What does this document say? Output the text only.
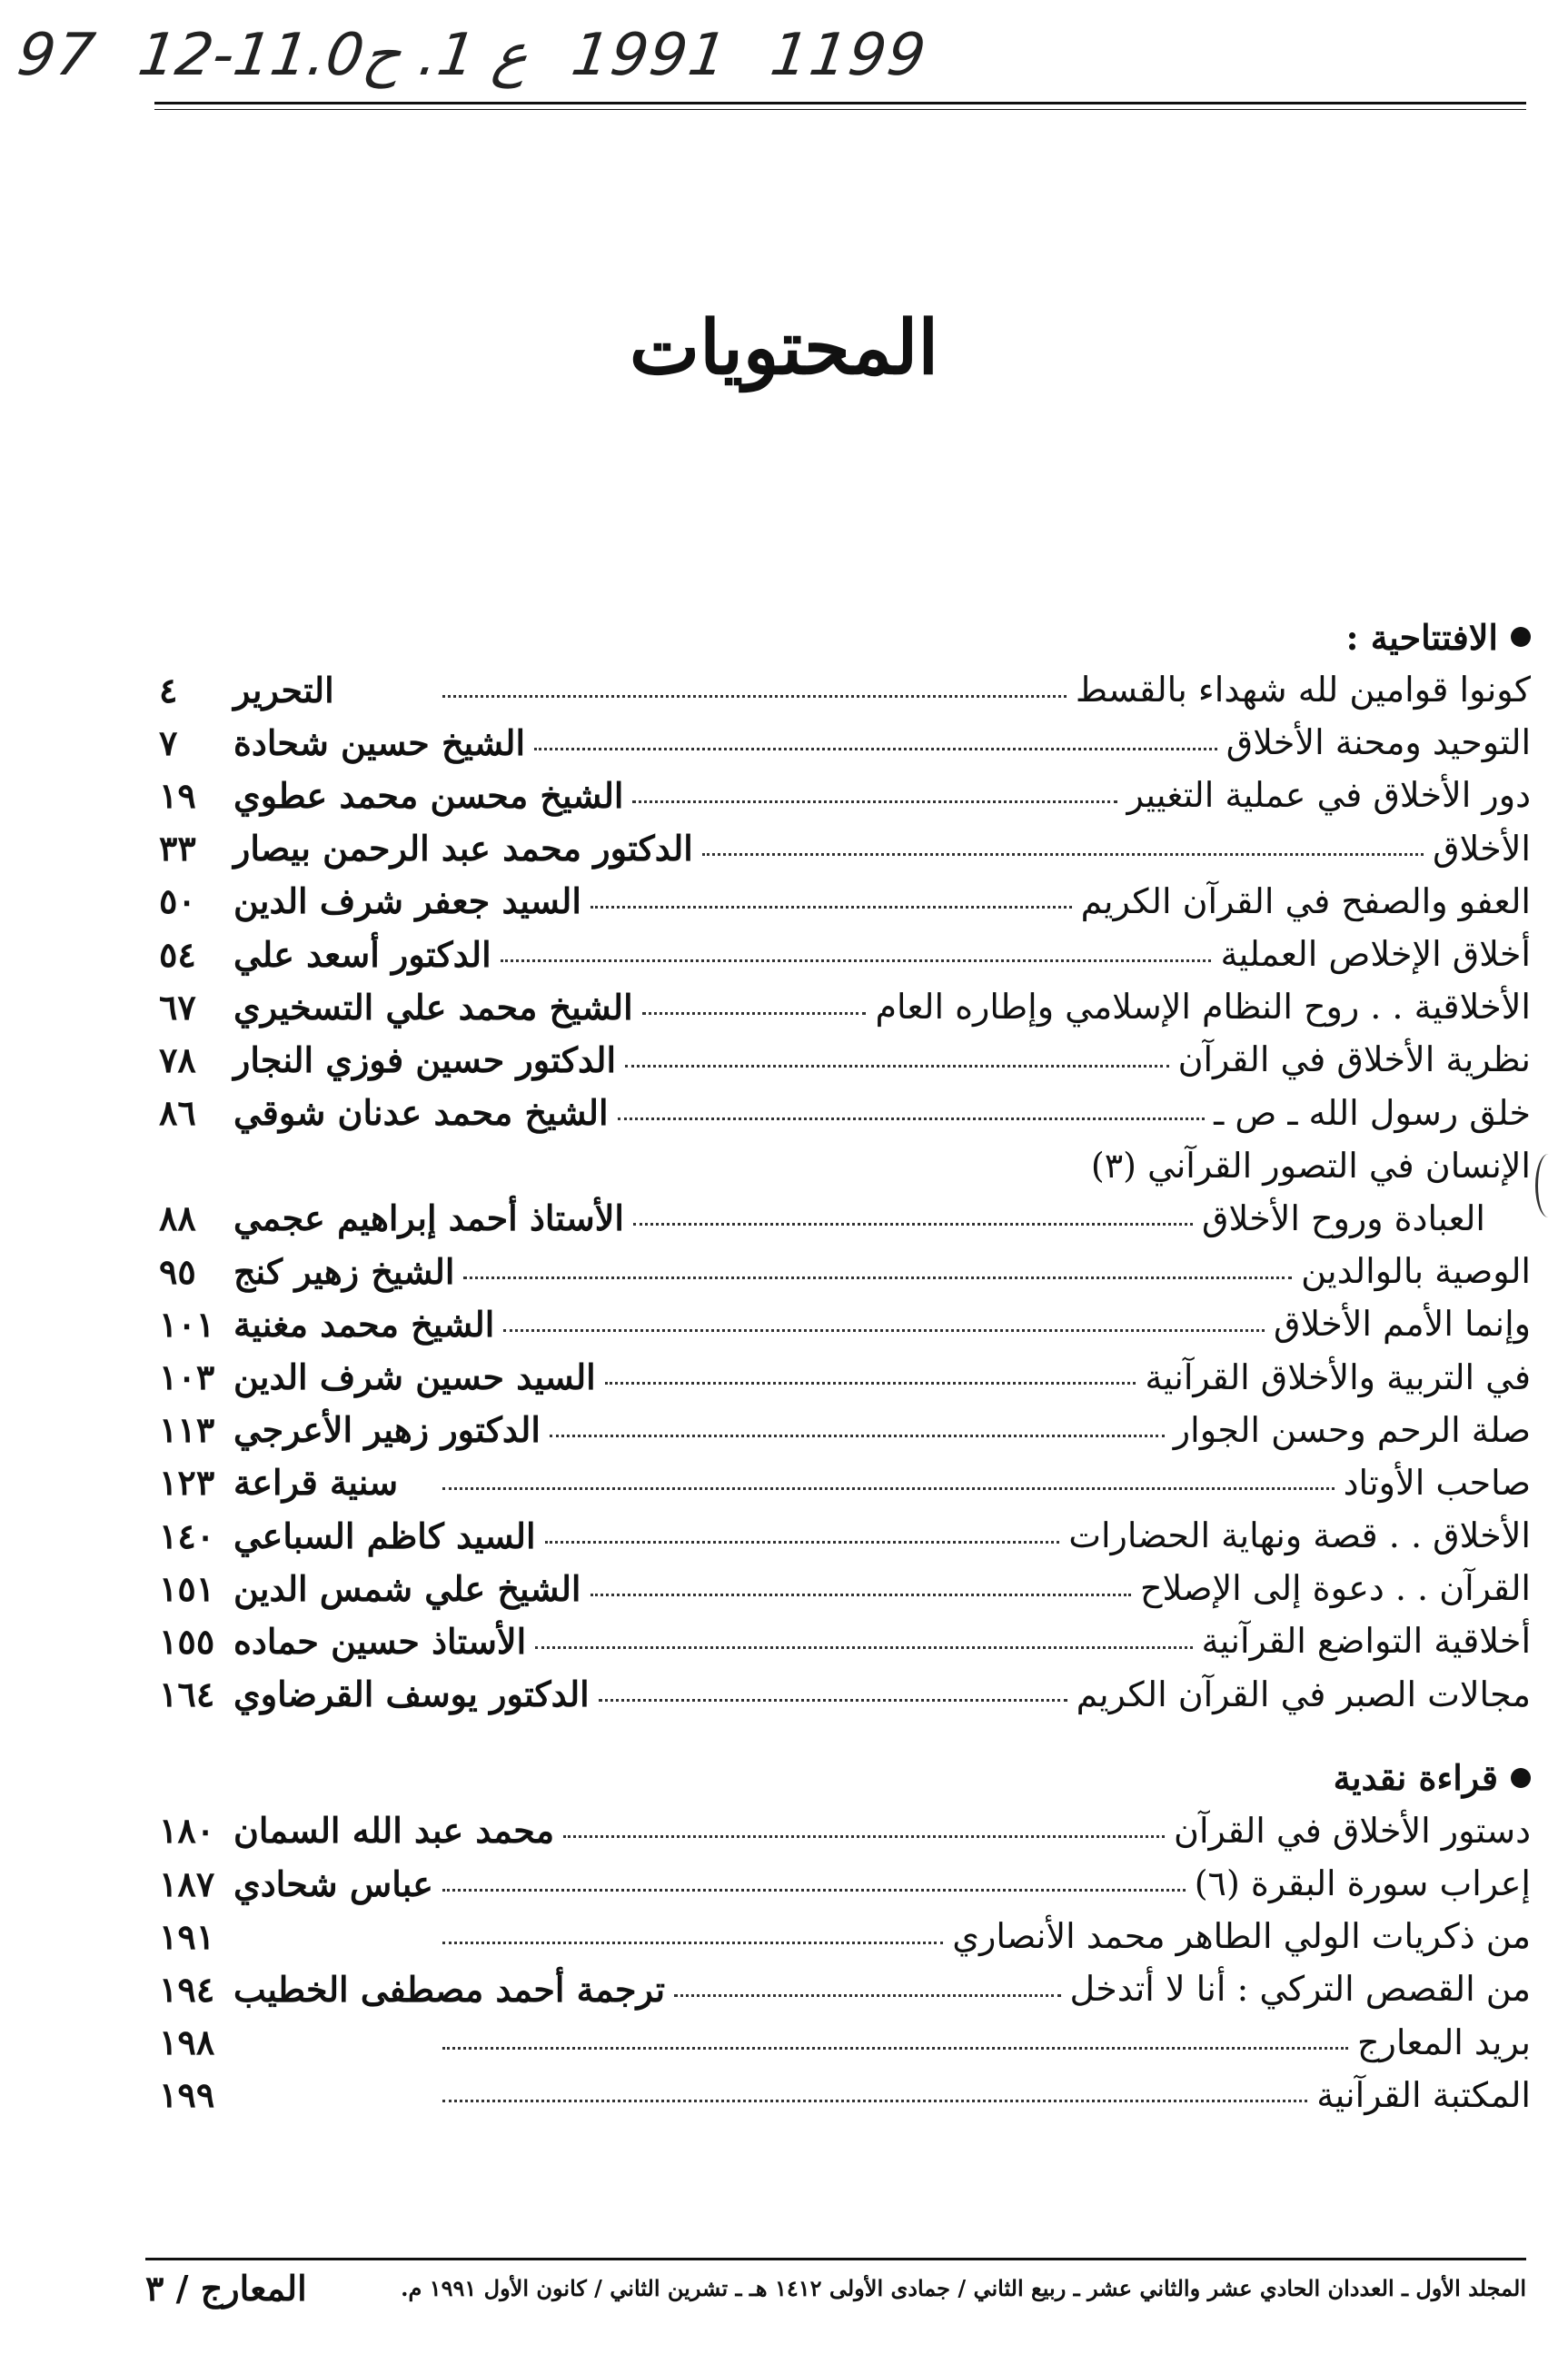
97 12-11.ع 1. ح0 1991 1199
المحتويات
الافتتاحية :
كونوا قوامين لله شهداء بالقسط
التحرير
٤
التوحيد ومحنة الأخلاق
الشيخ حسين شحادة
٧
دور الأخلاق في عملية التغيير
الشيخ محسن محمد عطوي
١٩
الأخلاق
الدكتور محمد عبد الرحمن بيصار
٣٣
العفو والصفح في القرآن الكريم
السيد جعفر شرف الدين
٥٠
أخلاق الإخلاص العملية
الدكتور أسعد علي
٥٤
الأخلاقية . . روح النظام الإسلامي وإطاره العام
الشيخ محمد علي التسخيري
٦٧
نظرية الأخلاق في القرآن
الدكتور حسين فوزي النجار
٧٨
خلق رسول الله ـ ص ـ
الشيخ محمد عدنان شوقي
٨٦
الإنسان في التصور القرآني (٣)
العبادة وروح الأخلاق
الأستاذ أحمد إبراهيم عجمي
٨٨
الوصية بالوالدين
الشيخ زهير كنج
٩٥
وإنما الأمم الأخلاق
الشيخ محمد مغنية
١٠١
في التربية والأخلاق القرآنية
السيد حسين شرف الدين
١٠٣
صلة الرحم وحسن الجوار
الدكتور زهير الأعرجي
١١٣
صاحب الأوتاد
سنية قراعة
١٢٣
الأخلاق . . قصة ونهاية الحضارات
السيد كاظم السباعي
١٤٠
القرآن . . دعوة إلى الإصلاح
الشيخ علي شمس الدين
١٥١
أخلاقية التواضع القرآنية
الأستاذ حسين حماده
١٥٥
مجالات الصبر في القرآن الكريم
الدكتور يوسف القرضاوي
١٦٤
قراءة نقدية
دستور الأخلاق في القرآن
محمد عبد الله السمان
١٨٠
إعراب سورة البقرة (٦)
عباس شحادي
١٨٧
من ذكريات الولي الطاهر محمد الأنصاري
١٩١
من القصص التركي : أنا لا أتدخل
ترجمة أحمد مصطفى الخطيب
١٩٤
بريد المعارج
١٩٨
المكتبة القرآنية
١٩٩
المجلد الأول ـ العددان الحادي عشر والثاني عشر ـ ربيع الثاني / جمادى الأولى ١٤١٢ هـ ـ تشرين الثاني / كانون الأول ١٩٩١ م.
المعارج / ٣
